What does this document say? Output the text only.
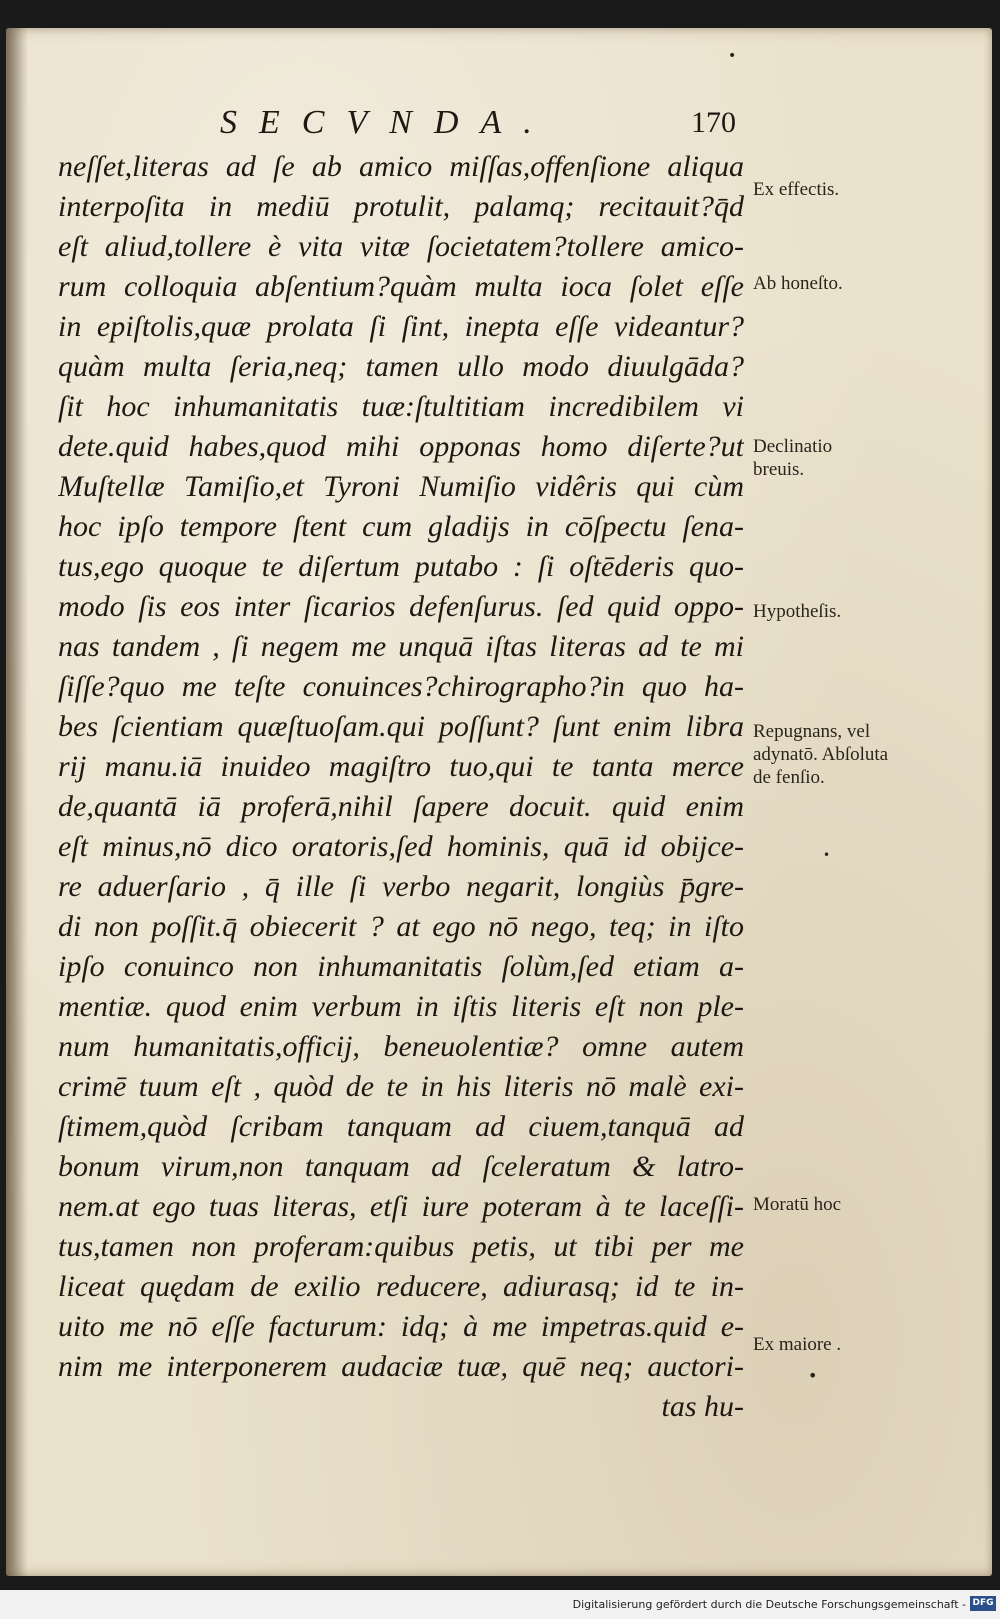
SECVNDA.	170
•
neſſet,literas ad ſe ab amico miſſas,offenſione aliqua
interpoſita in mediū protulit, palamq; recitauit?q̄d
eſt aliud,tollere è vita vitæ ſocietatem?tollere amico-
rum colloquia abſentium?quàm multa ioca ſolet eſſe
in epiſtolis,quæ prolata ſi ſint, inepta eſſe videantur?
quàm multa ſeria,neq; tamen ullo modo diuulgāda?
ſit hoc inhumanitatis tuæ:ſtultitiam incredibilem vi
dete.quid habes,quod mihi opponas homo diſerte?ut
Muſtellæ Tamiſio,et Tyroni Numiſio vidêris qui cùm
hoc ipſo tempore ſtent cum gladijs in cōſpectu ſena-
tus,ego quoque te diſertum putabo : ſi oſtēderis quo-
modo ſis eos inter ſicarios defenſurus. ſed quid oppo-
nas tandem , ſi negem me unquā iſtas literas ad te mi
ſiſſe?quo me teſte conuinces?chirographo?in quo ha-
bes ſcientiam quæſtuoſam.qui poſſunt? ſunt enim libra
rij manu.iā inuideo magiſtro tuo,qui te tanta merce
de,quantā iā proferā,nihil ſapere docuit. quid enim
eſt minus,nō dico oratoris,ſed hominis, quā id obijce-
re aduerſario , q̄ ille ſi verbo negarit, longiùs p̄gre-
di non poſſit.q̄ obiecerit ? at ego nō nego, teq; in iſto
ipſo conuinco non inhumanitatis ſolùm,ſed etiam a-
mentiæ. quod enim verbum in iſtis literis eſt non ple-
num humanitatis,officij, beneuolentiæ? omne autem
crimē tuum eſt , quòd de te in his literis nō malè exi-
ſtimem,quòd ſcribam tanquam ad ciuem,tanquā ad
bonum virum,non tanquam ad ſceleratum & latro-
nem.at ego tuas literas, etſi iure poteram à te laceſſi-
tus,tamen non proferam:quibus petis, ut tibi per me
liceat quędam de exilio reducere, adiurasq; id te in-
uito me nō eſſe facturum: idq; à me impetras.quid e-
nim me interponerem audaciæ tuæ, quē neq; auctori-
tas hu-
Ex effectis.
Ab honeſto.
Declinatio breuis.
Hypotheſis.
Repugnans, vel adynatō. Abſoluta de fenſio.
Moratū hoc
Ex maiore .
•
•
Digitalisierung gefördert durch die Deutsche Forschungsgemeinschaft - DFG
